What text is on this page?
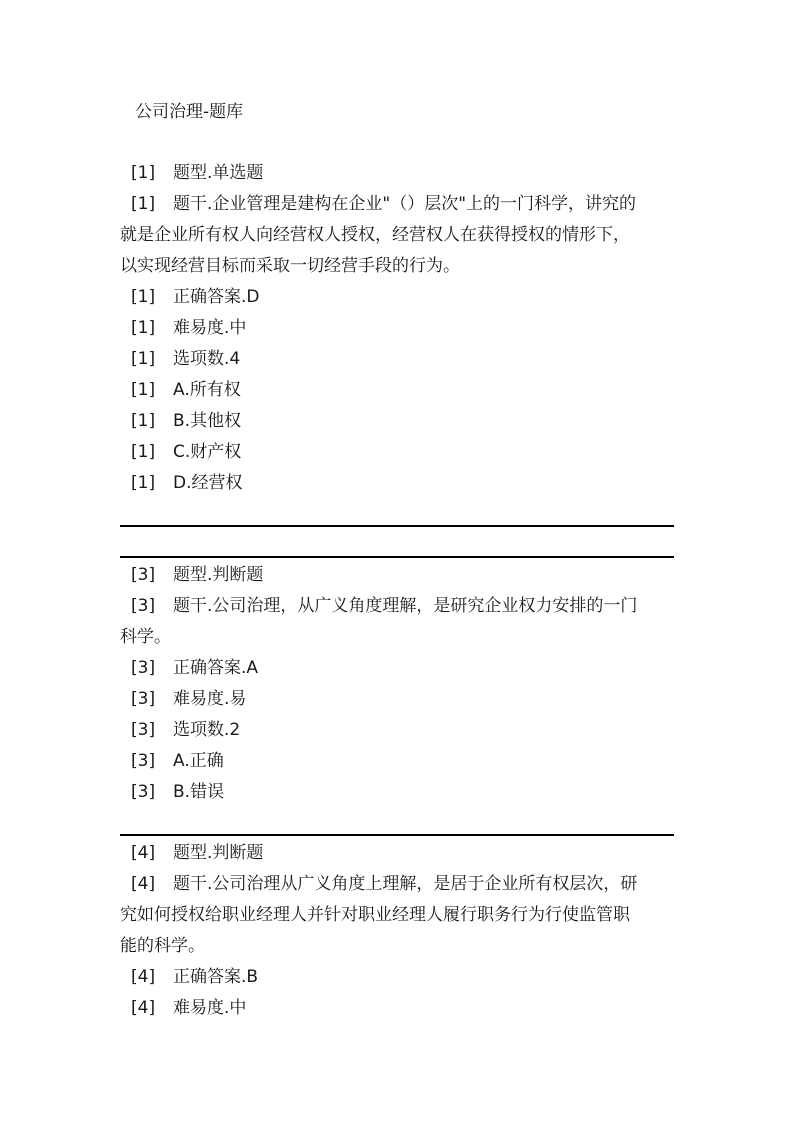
公司治理-题库
[1] 题型.单选题
[1] 题干.企业管理是建构在企业"（）层次"上的一门科学，讲究的
就是企业所有权人向经营权人授权，经营权人在获得授权的情形下，
以实现经营目标而采取一切经营手段的行为。
[1] 正确答案.D
[1] 难易度.中
[1] 选项数.4
[1] A.所有权
[1] B.其他权
[1] C.财产权
[1] D.经营权
[3] 题型.判断题
[3] 题干.公司治理，从广义角度理解，是研究企业权力安排的一门
科学。
[3] 正确答案.A
[3] 难易度.易
[3] 选项数.2
[3] A.正确
[3] B.错误
[4] 题型.判断题
[4] 题干.公司治理从广义角度上理解，是居于企业所有权层次，研
究如何授权给职业经理人并针对职业经理人履行职务行为行使监管职
能的科学。
[4] 正确答案.B
[4] 难易度.中
